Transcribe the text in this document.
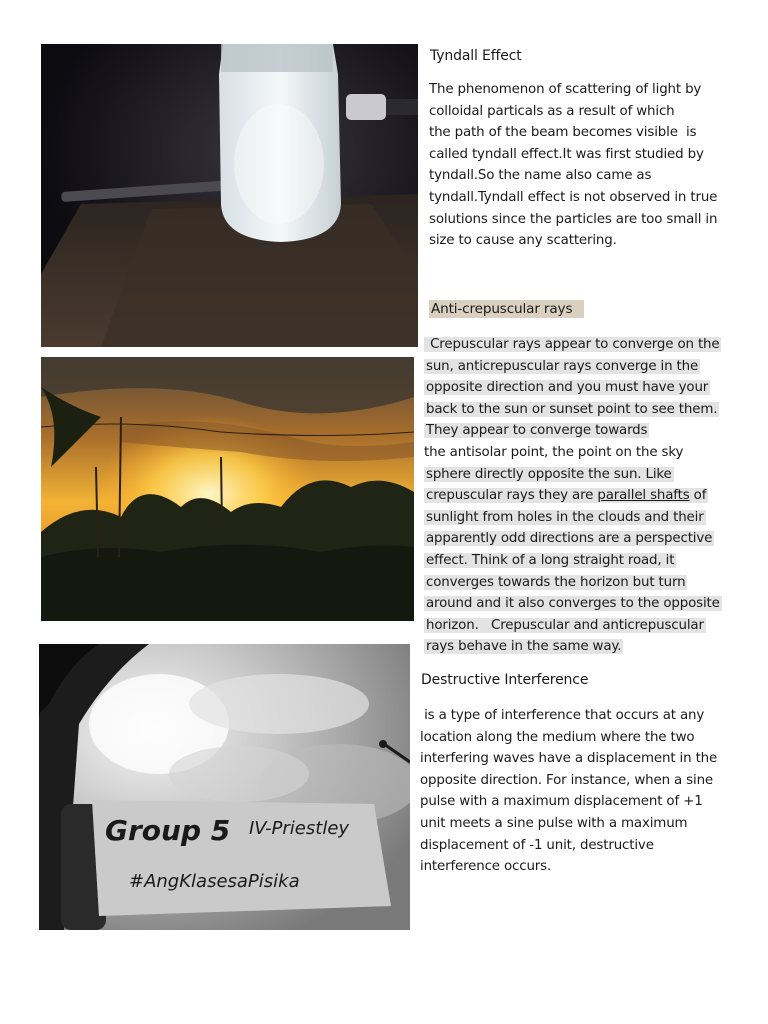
Group 5 IV-Priestley
#AngKlasesaPisika
Tyndall Effect
The phenomenon of scattering of light by
colloidal particals as a result of which
the path of the beam becomes visible  is
called tyndall effect.It was first studied by
tyndall.So the name also came as
tyndall.Tyndall effect is not observed in true
solutions since the particles are too small in
size to cause any scattering.
Anti-crepuscular rays
Crepuscular rays appear to converge on the
sun, anticrepuscular rays converge in the
opposite direction and you must have your
back to the sun or sunset point to see them.
They appear to converge towards
the antisolar point, the point on the sky
sphere directly opposite the sun. Like
crepuscular rays they are parallel shafts of
sunlight from holes in the clouds and their
apparently odd directions are a perspective
effect. Think of a long straight road, it
converges towards the horizon but turn
around and it also converges to the opposite
horizon.   Crepuscular and anticrepuscular
rays behave in the same way.
Destructive Interference
is a type of interference that occurs at any
location along the medium where the two
interfering waves have a displacement in the
opposite direction. For instance, when a sine
pulse with a maximum displacement of +1
unit meets a sine pulse with a maximum
displacement of -1 unit, destructive
interference occurs.
